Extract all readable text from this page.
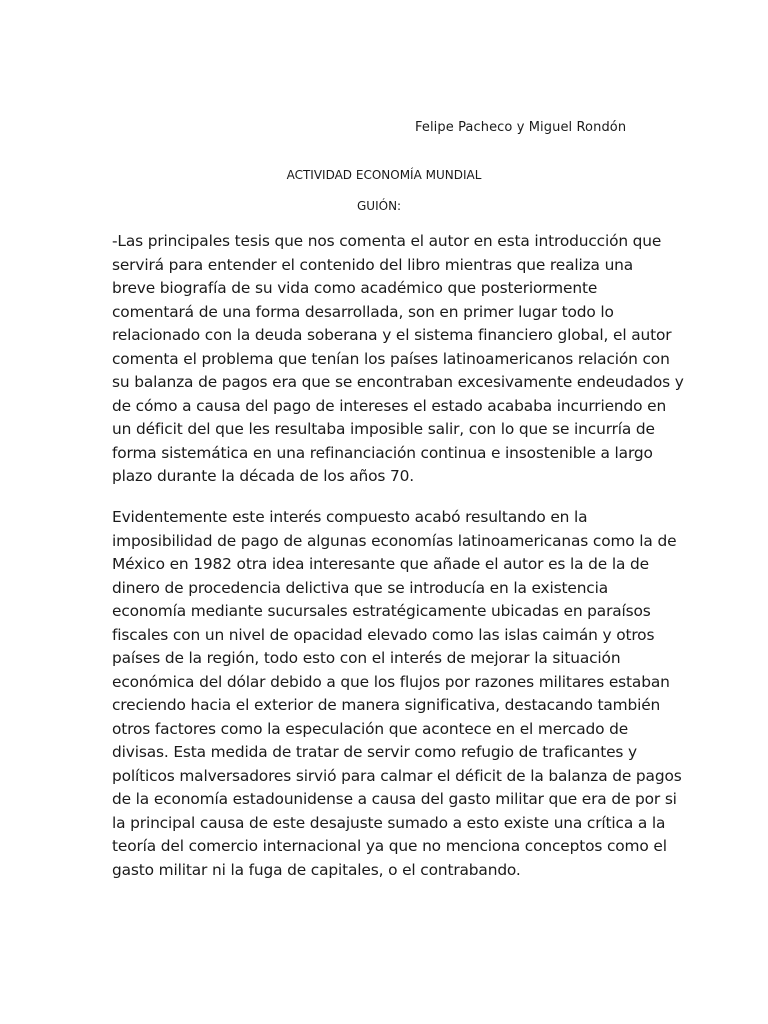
Felipe Pacheco y Miguel Rondón
ACTIVIDAD ECONOMÍA MUNDIAL
GUIÓN:
-Las principales tesis que nos comenta el autor en esta introducción que
servirá para entender el contenido del libro mientras que realiza una
breve biografía de su vida como académico que posteriormente
comentará de una forma desarrollada, son en primer lugar todo lo
relacionado con la deuda soberana y el sistema financiero global, el autor
comenta el problema que tenían los países latinoamericanos relación con
su balanza de pagos era que se encontraban excesivamente endeudados y
de cómo a causa del pago de intereses el estado acababa incurriendo en
un déficit del que les resultaba imposible salir, con lo que se incurría de
forma sistemática en una refinanciación continua e insostenible a largo
plazo durante la década de los años 70.
Evidentemente este interés compuesto acabó resultando en la
imposibilidad de pago de algunas economías latinoamericanas como la de
México en 1982 otra idea interesante que añade el autor es la de la de
dinero de procedencia delictiva que se introducía en la existencia
economía mediante sucursales estratégicamente ubicadas en paraísos
fiscales con un nivel de opacidad elevado como las islas caimán y otros
países de la región, todo esto con el interés de mejorar la situación
económica del dólar debido a que los flujos por razones militares estaban
creciendo hacia el exterior de manera significativa, destacando también
otros factores como la especulación que acontece en el mercado de
divisas. Esta medida de tratar de servir como refugio de traficantes y
políticos malversadores sirvió para calmar el déficit de la balanza de pagos
de la economía estadounidense a causa del gasto militar que era de por si
la principal causa de este desajuste sumado a esto existe una crítica a la
teoría del comercio internacional ya que no menciona conceptos como el
gasto militar ni la fuga de capitales, o el contrabando.
